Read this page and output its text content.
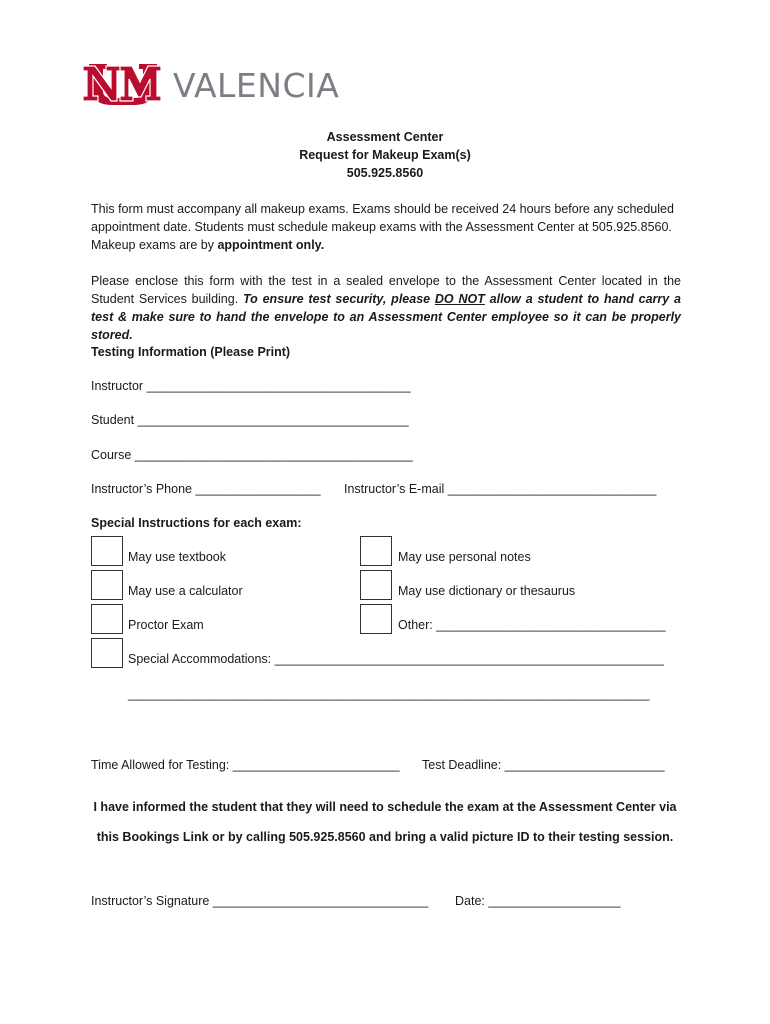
VALENCIA
Assessment Center
Request for Makeup Exam(s)
505.925.8560
This form must accompany all makeup exams. Exams should be received 24 hours before any scheduled appointment date. Students must schedule makeup exams with the Assessment Center at 505.925.8560. Makeup exams are by appointment only.
Please enclose this form with the test in a sealed envelope to the Assessment Center located in the Student Services building. To ensure test security, please DO NOT allow a student to hand carry a test & make sure to hand the envelope to an Assessment Center employee so it can be properly stored.
Testing Information (Please Print)
Instructor ______________________________________
Student _______________________________________
Course ________________________________________
Instructor’s Phone __________________ Instructor’s E-mail ______________________________
Special Instructions for each exam:
May use textbook	May use personal notes
May use a calculator	May use dictionary or thesaurus
Proctor Exam	Other: _________________________________
Special Accommodations: ________________________________________________________
___________________________________________________________________________
Time Allowed for Testing: ________________________ Test Deadline: _______________________
I have informed the student that they will need to schedule the exam at the Assessment Center via
this Bookings Link or by calling 505.925.8560 and bring a valid picture ID to their testing session.
Instructor’s Signature _______________________________ Date: ___________________
